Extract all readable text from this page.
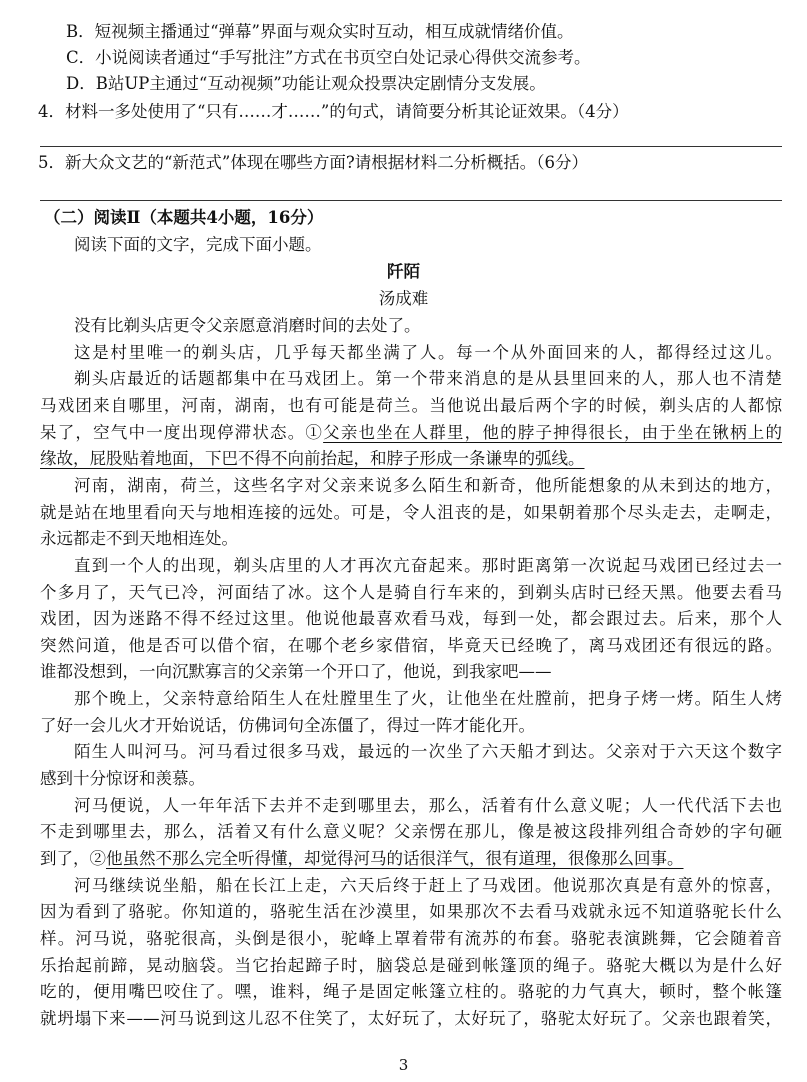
B．短视频主播通过“弹幕”界面与观众实时互动，相互成就情绪价值。
C．小说阅读者通过“手写批注”方式在书页空白处记录心得供交流参考。
D．B站UP主通过“互动视频”功能让观众投票决定剧情分支发展。
4．材料一多处使用了“只有……才……”的句式，请简要分析其论证效果。（4分）
5．新大众文艺的“新范式”体现在哪些方面?请根据材料二分析概括。（6分）
（二）阅读Ⅱ（本题共4小题，16分）
阅读下面的文字，完成下面小题。
阡陌
汤成难
没有比剃头店更令父亲愿意消磨时间的去处了。
这是村里唯一的剃头店，几乎每天都坐满了人。每一个从外面回来的人，都得经过这儿。
剃头店最近的话题都集中在马戏团上。第一个带来消息的是从县里回来的人，那人也不清楚
马戏团来自哪里，河南，湖南，也有可能是荷兰。当他说出最后两个字的时候，剃头店的人都惊
呆了，空气中一度出现停滞状态。①父亲也坐在人群里，他的脖子抻得很长，由于坐在锹柄上的
缘故，屁股贴着地面，下巴不得不向前抬起，和脖子形成一条谦卑的弧线。
河南，湖南，荷兰，这些名字对父亲来说多么陌生和新奇，他所能想象的从未到达的地方，
就是站在地里看向天与地相连接的远处。可是，令人沮丧的是，如果朝着那个尽头走去，走啊走，
永远都走不到天地相连处。
直到一个人的出现，剃头店里的人才再次亢奋起来。那时距离第一次说起马戏团已经过去一
个多月了，天气已冷，河面结了冰。这个人是骑自行车来的，到剃头店时已经天黑。他要去看马
戏团，因为迷路不得不经过这里。他说他最喜欢看马戏，每到一处，都会跟过去。后来，那个人
突然问道，他是否可以借个宿，在哪个老乡家借宿，毕竟天已经晚了，离马戏团还有很远的路。
谁都没想到，一向沉默寡言的父亲第一个开口了，他说，到我家吧——
那个晚上，父亲特意给陌生人在灶膛里生了火，让他坐在灶膛前，把身子烤一烤。陌生人烤
了好一会儿火才开始说话，仿佛词句全冻僵了，得过一阵才能化开。
陌生人叫河马。河马看过很多马戏，最远的一次坐了六天船才到达。父亲对于六天这个数字
感到十分惊讶和羡慕。
河马便说，人一年年活下去并不走到哪里去，那么，活着有什么意义呢；人一代代活下去也
不走到哪里去，那么，活着又有什么意义呢？父亲愣在那儿，像是被这段排列组合奇妙的字句砸
到了，②他虽然不那么完全听得懂，却觉得河马的话很洋气，很有道理，很像那么回事。
河马继续说坐船，船在长江上走，六天后终于赶上了马戏团。他说那次真是有意外的惊喜，
因为看到了骆驼。你知道的，骆驼生活在沙漠里，如果那次不去看马戏就永远不知道骆驼长什么
样。河马说，骆驼很高，头倒是很小，驼峰上罩着带有流苏的布套。骆驼表演跳舞，它会随着音
乐抬起前蹄，晃动脑袋。当它抬起蹄子时，脑袋总是碰到帐篷顶的绳子。骆驼大概以为是什么好
吃的，便用嘴巴咬住了。嘿，谁料，绳子是固定帐篷立柱的。骆驼的力气真大，顿时，整个帐篷
就坍塌下来——河马说到这儿忍不住笑了，太好玩了，太好玩了，骆驼太好玩了。父亲也跟着笑，
3
